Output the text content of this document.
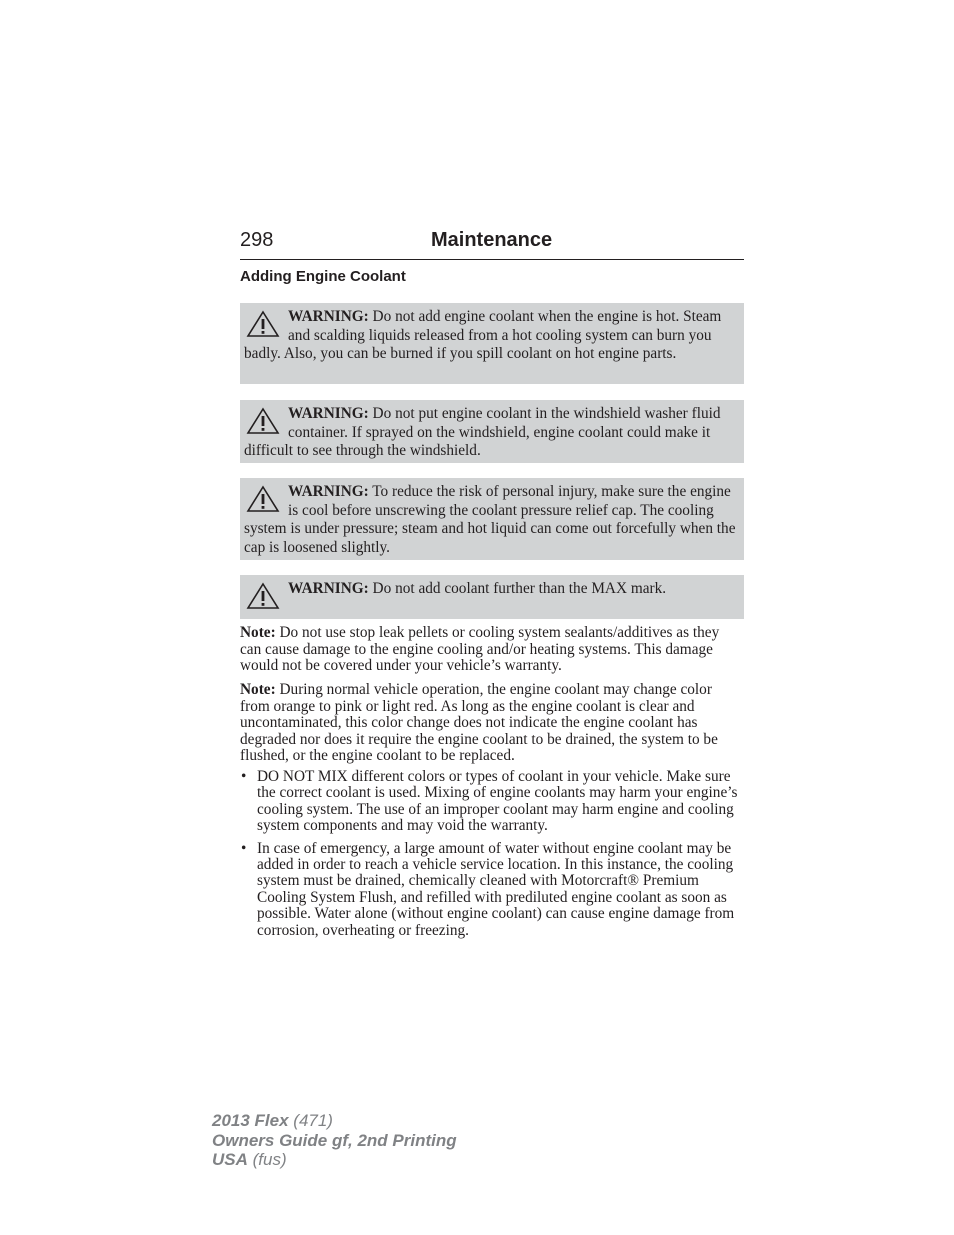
298	Maintenance
Adding Engine Coolant
WARNING: Do not add engine coolant when the engine is hot. Steam and scalding liquids released from a hot cooling system can burn you badly. Also, you can be burned if you spill coolant on hot engine parts.
WARNING: Do not put engine coolant in the windshield washer fluid container. If sprayed on the windshield, engine coolant could make it difficult to see through the windshield.
WARNING: To reduce the risk of personal injury, make sure the engine is cool before unscrewing the coolant pressure relief cap. The cooling system is under pressure; steam and hot liquid can come out forcefully when the cap is loosened slightly.
WARNING: Do not add coolant further than the MAX mark.
Note: Do not use stop leak pellets or cooling system sealants/additives as they can cause damage to the engine cooling and/or heating systems. This damage would not be covered under your vehicle’s warranty.
Note: During normal vehicle operation, the engine coolant may change color from orange to pink or light red. As long as the engine coolant is clear and uncontaminated, this color change does not indicate the engine coolant has degraded nor does it require the engine coolant to be drained, the system to be flushed, or the engine coolant to be replaced.
• DO NOT MIX different colors or types of coolant in your vehicle. Make sure the correct coolant is used. Mixing of engine coolants may harm your engine’s cooling system. The use of an improper coolant may harm engine and cooling system components and may void the warranty.
• In case of emergency, a large amount of water without engine coolant may be added in order to reach a vehicle service location. In this instance, the cooling system must be drained, chemically cleaned with Motorcraft® Premium Cooling System Flush, and refilled with prediluted engine coolant as soon as possible. Water alone (without engine coolant) can cause engine damage from corrosion, overheating or freezing.
2013 Flex (471)
Owners Guide gf, 2nd Printing
USA (fus)
